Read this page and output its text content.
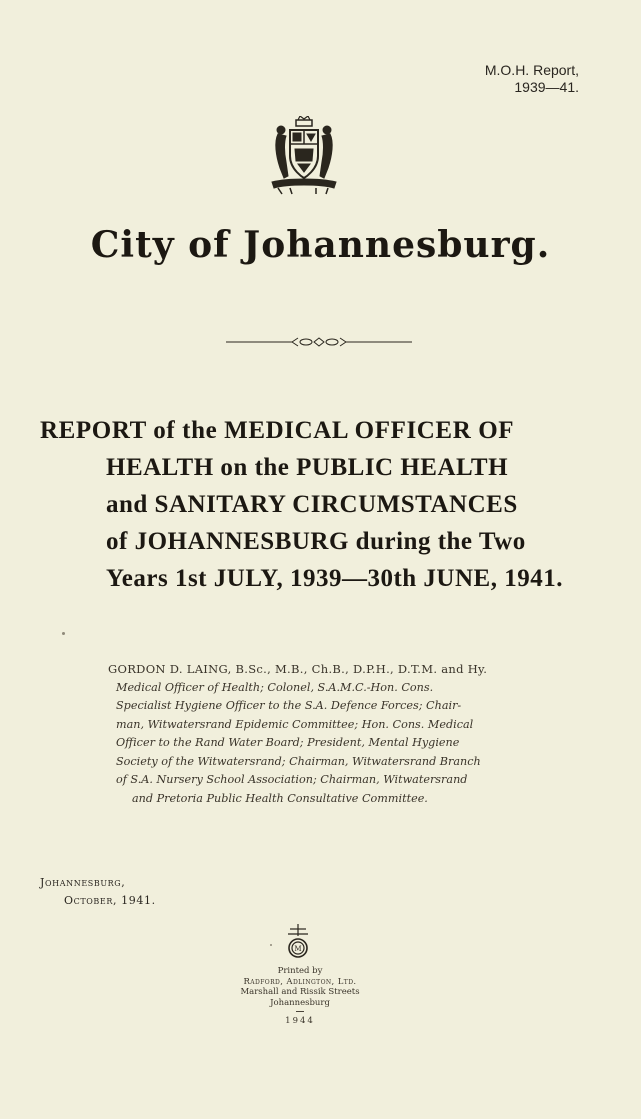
M.O.H. Report,
1939—41.
City of Johannesburg.
REPORT of the MEDICAL OFFICER OF
HEALTH on the PUBLIC HEALTH
and SANITARY CIRCUMSTANCES
of JOHANNESBURG during the Two
Years 1st JULY, 1939—30th JUNE, 1941.
GORDON D. LAING, B.Sc., M.B., Ch.B., D.P.H., D.T.M. and Hy.
Medical Officer of Health; Colonel, S.A.M.C.-Hon. Cons.
Specialist Hygiene Officer to the S.A. Defence Forces; Chair-
man, Witwatersrand Epidemic Committee; Hon. Cons. Medical
Officer to the Rand Water Board; President, Mental Hygiene
Society of the Witwatersrand; Chairman, Witwatersrand Branch
of S.A. Nursery School Association; Chairman, Witwatersrand
and Pretoria Public Health Consultative Committee.
Johannesburg,
October, 1941.
M
Printed by
Radford, Adlington, Ltd.
Marshall and Rissik Streets
Johannesburg
1944
